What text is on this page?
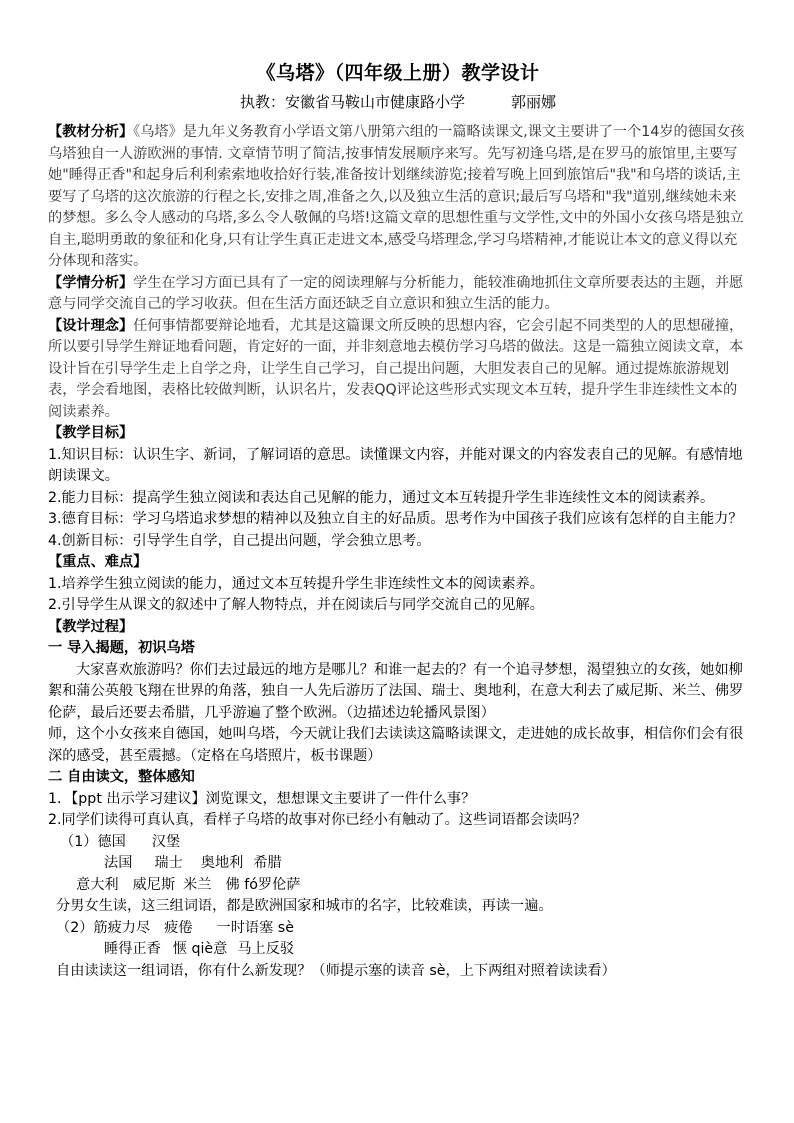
《乌塔》（四年级上册）教学设计
执教：安徽省马鞍山市健康路小学	郭丽娜

【教材分析】《乌塔》是九年义务教育小学语文第八册第六组的一篇略读课文,课文主要讲了一个14岁的德国女孩乌塔独自一人游欧洲的事情. 文章情节明了简洁,按事情发展顺序来写。先写初逢乌塔,是在罗马的旅馆里,主要写她"睡得正香"和起身后利利索索地收拾好行装,准备按计划继续游览;接着写晚上回到旅馆后"我"和乌塔的谈话,主要写了乌塔的这次旅游的行程之长,安排之周,准备之久,以及独立生活的意识;最后写乌塔和"我"道别,继续她未来的梦想。多么令人感动的乌塔,多么令人敬佩的乌塔!这篇文章的思想性重与文学性,文中的外国小女孩乌塔是独立自主,聪明勇敢的象征和化身,只有让学生真正走进文本,感受乌塔理念,学习乌塔精神,才能说让本文的意义得以充分体现和落实。

【学情分析】学生在学习方面已具有了一定的阅读理解与分析能力，能较准确地抓住文章所要表达的主题，并愿意与同学交流自己的学习收获。但在生活方面还缺乏自立意识和独立生活的能力。

【设计理念】任何事情都要辩论地看，尤其是这篇课文所反映的思想内容，它会引起不同类型的人的思想碰撞，所以要引导学生辩证地看问题，肯定好的一面，并非刻意地去模仿学习乌塔的做法。这是一篇独立阅读文章，本设计旨在引导学生走上自学之舟，让学生自己学习，自己提出问题，大胆发表自己的见解。通过提炼旅游规划表，学会看地图，表格比较做判断，认识名片，发表QQ评论这些形式实现文本互转，提升学生非连续性文本的阅读素养。

【教学目标】

1.知识目标：认识生字、新词，了解词语的意思。读懂课文内容，并能对课文的内容发表自己的见解。有感情地朗读课文。

2.能力目标：提高学生独立阅读和表达自己见解的能力，通过文本互转提升学生非连续性文本的阅读素养。

3.德育目标：学习乌塔追求梦想的精神以及独立自主的好品质。思考作为中国孩子我们应该有怎样的自主能力？

4.创新目标：引导学生自学，自己提出问题，学会独立思考。

【重点、难点】

1.培养学生独立阅读的能力，通过文本互转提升学生非连续性文本的阅读素养。

2.引导学生从课文的叙述中了解人物特点，并在阅读后与同学交流自己的见解。

【教学过程】

一 导入揭题，初识乌塔

大家喜欢旅游吗？你们去过最远的地方是哪儿？和谁一起去的？有一个追寻梦想，渴望独立的女孩，她如柳絮和蒲公英般飞翔在世界的角落，独自一人先后游历了法国、瑞士、奥地利，在意大利去了威尼斯、米兰、佛罗伦萨，最后还要去希腊，几乎游遍了整个欧洲。（边描述边轮播风景图）

师，这个小女孩来自德国，她叫乌塔，今天就让我们去读读这篇略读课文，走进她的成长故事，相信你们会有很深的感受，甚至震撼。（定格在乌塔照片，板书课题）

二 自由读文，整体感知

1．【ppt 出示学习建议】浏览课文，想想课文主要讲了一件什么事？

2.同学们读得可真认真，看样子乌塔的故事对你已经小有触动了。这些词语都会读吗？

（1）德国 汉堡
法国 瑞士 奥地利 希腊
意大利 威尼斯 米兰 佛 fó罗伦萨

分男女生读，这三组词语，都是欧洲国家和城市的名字，比较难读，再读一遍。

（2）筋疲力尽 疲倦 一时语塞 sè
睡得正香 惬 qiè意 马上反驳

自由读读这一组词语，你有什么新发现？（师提示塞的读音 sè，上下两组对照着读读看）
